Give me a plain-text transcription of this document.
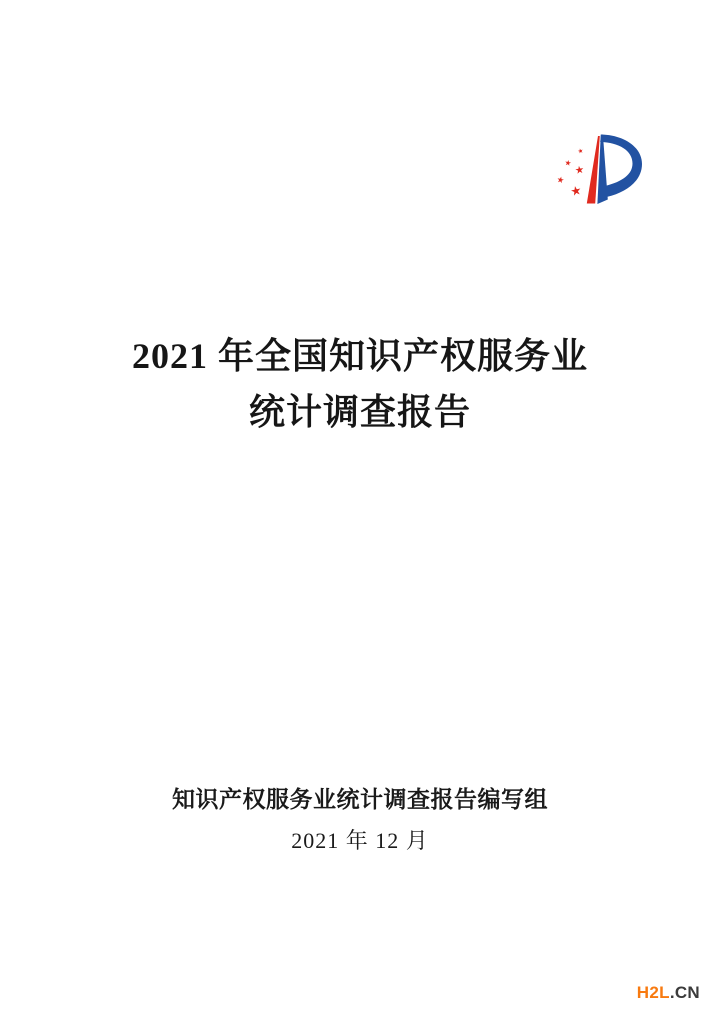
2021 年全国知识产权服务业
统计调查报告
知识产权服务业统计调查报告编写组
2021 年 12 月
H2L.CN
